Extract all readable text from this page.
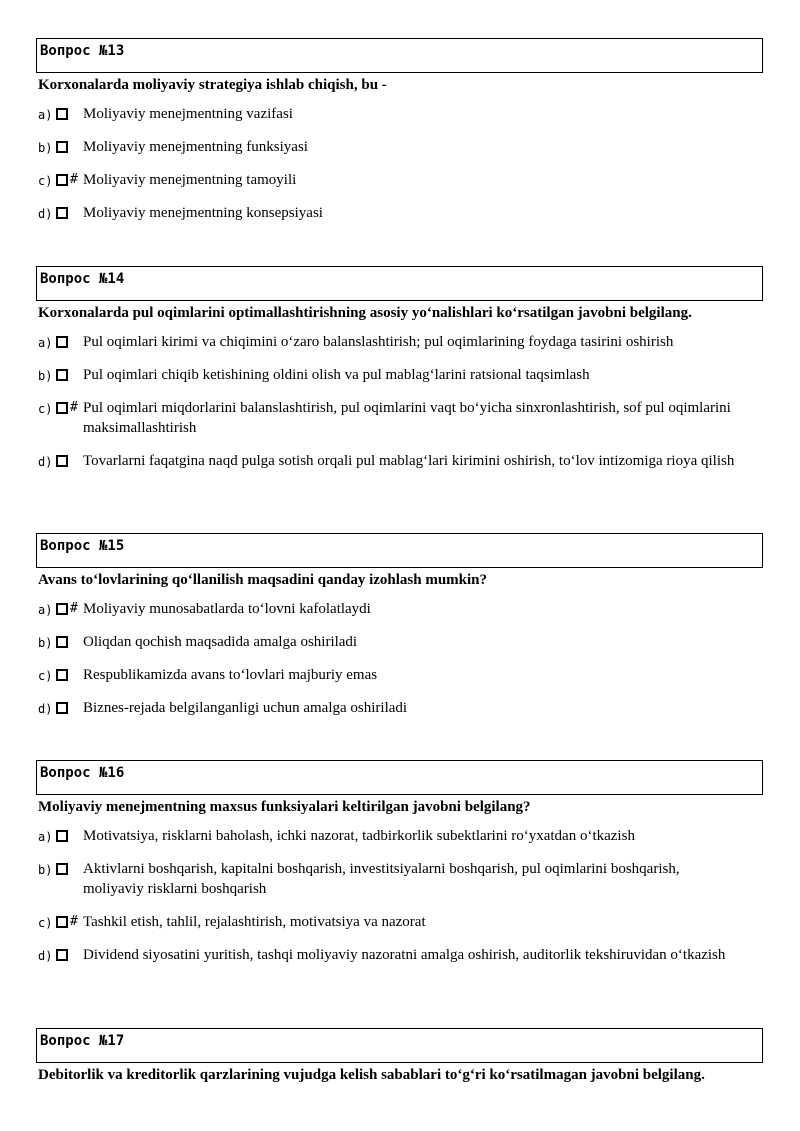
Вопрос №13
Korxonalarda moliyaviy strategiya ishlab chiqish, bu -
a)	Moliyaviy menejmentning vazifasi
b)	Moliyaviy menejmentning funksiyasi
c)	# Moliyaviy menejmentning tamoyili
d)	Moliyaviy menejmentning konsepsiyasi
Вопрос №14
Korxonalarda pul oqimlarini optimallashtirishning asosiy yo‘nalishlari ko‘rsatilgan javobni belgilang.
a)	Pul oqimlari kirimi va chiqimini o‘zaro balanslashtirish; pul oqimlarining foydaga tasirini oshirish
b)	Pul oqimlari chiqib ketishining oldini olish va pul mablag‘larini ratsional taqsimlash
c)	# Pul oqimlari miqdorlarini balanslashtirish, pul oqimlarini vaqt bo‘yicha sinxronlashtirish, sof pul oqimlarini maksimallashtirish
d)	Tovarlarni faqatgina naqd pulga sotish orqali pul mablag‘lari kirimini oshirish, to‘lov intizomiga rioya qilish
Вопрос №15
Avans to‘lovlarining qo‘llanilish maqsadini qanday izohlash mumkin?
a)	# Moliyaviy munosabatlarda to‘lovni kafolatlaydi
b)	Oliqdan qochish maqsadida amalga oshiriladi
c)	Respublikamizda avans to‘lovlari majburiy emas
d)	Biznes-rejada belgilanganligi uchun amalga oshiriladi
Вопрос №16
Moliyaviy menejmentning maxsus funksiyalari keltirilgan javobni belgilang?
a)	Motivatsiya, risklarni baholash, ichki nazorat, tadbirkorlik subektlarini ro‘yxatdan o‘tkazish
b)	Aktivlarni boshqarish, kapitalni boshqarish, investitsiyalarni boshqarish, pul oqimlarini boshqarish, moliyaviy risklarni boshqarish
c)	# Tashkil etish, tahlil, rejalashtirish, motivatsiya va nazorat
d)	Dividend siyosatini yuritish, tashqi moliyaviy nazoratni amalga oshirish, auditorlik tekshiruvidan o‘tkazish
Вопрос №17
Debitorlik va kreditorlik qarzlarining vujudga kelish sabablari to‘g‘ri ko‘rsatilmagan javobni belgilang.
